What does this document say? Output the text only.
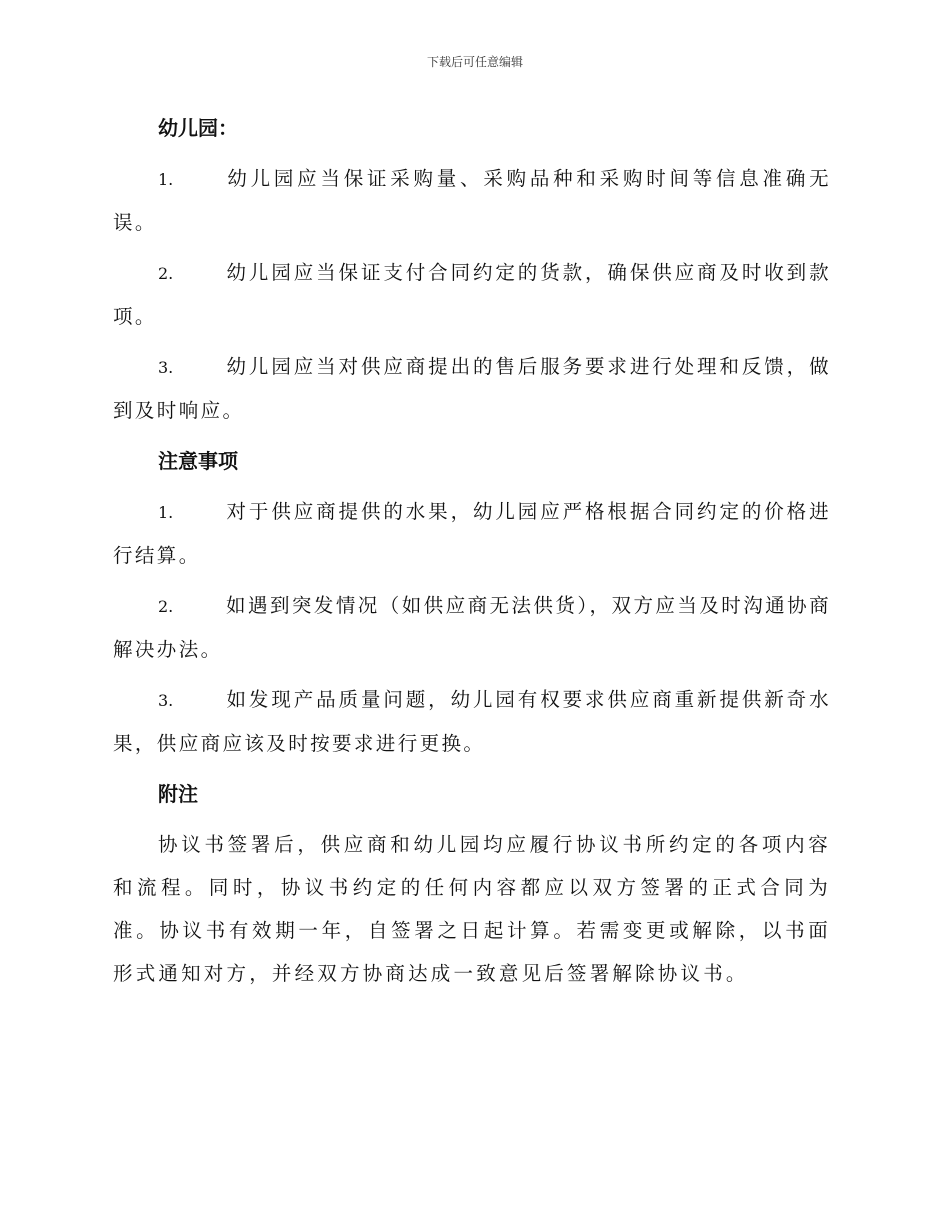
下载后可任意编辑
幼儿园：

1.	幼儿园应当保证采购量、采购品种和采购时间等信息准确无误。

2.	幼儿园应当保证支付合同约定的货款，确保供应商及时收到款项。

3.	幼儿园应当对供应商提出的售后服务要求进行处理和反馈，做到及时响应。

注意事项

1.	对于供应商提供的水果，幼儿园应严格根据合同约定的价格进行结算。

2.	如遇到突发情况（如供应商无法供货），双方应当及时沟通协商解决办法。

3.	如发现产品质量问题，幼儿园有权要求供应商重新提供新奇水果，供应商应该及时按要求进行更换。

附注

协议书签署后，供应商和幼儿园均应履行协议书所约定的各项内容和流程。同时，协议书约定的任何内容都应以双方签署的正式合同为准。协议书有效期一年，自签署之日起计算。若需变更或解除，以书面形式通知对方，并经双方协商达成一致意见后签署解除协议书。
